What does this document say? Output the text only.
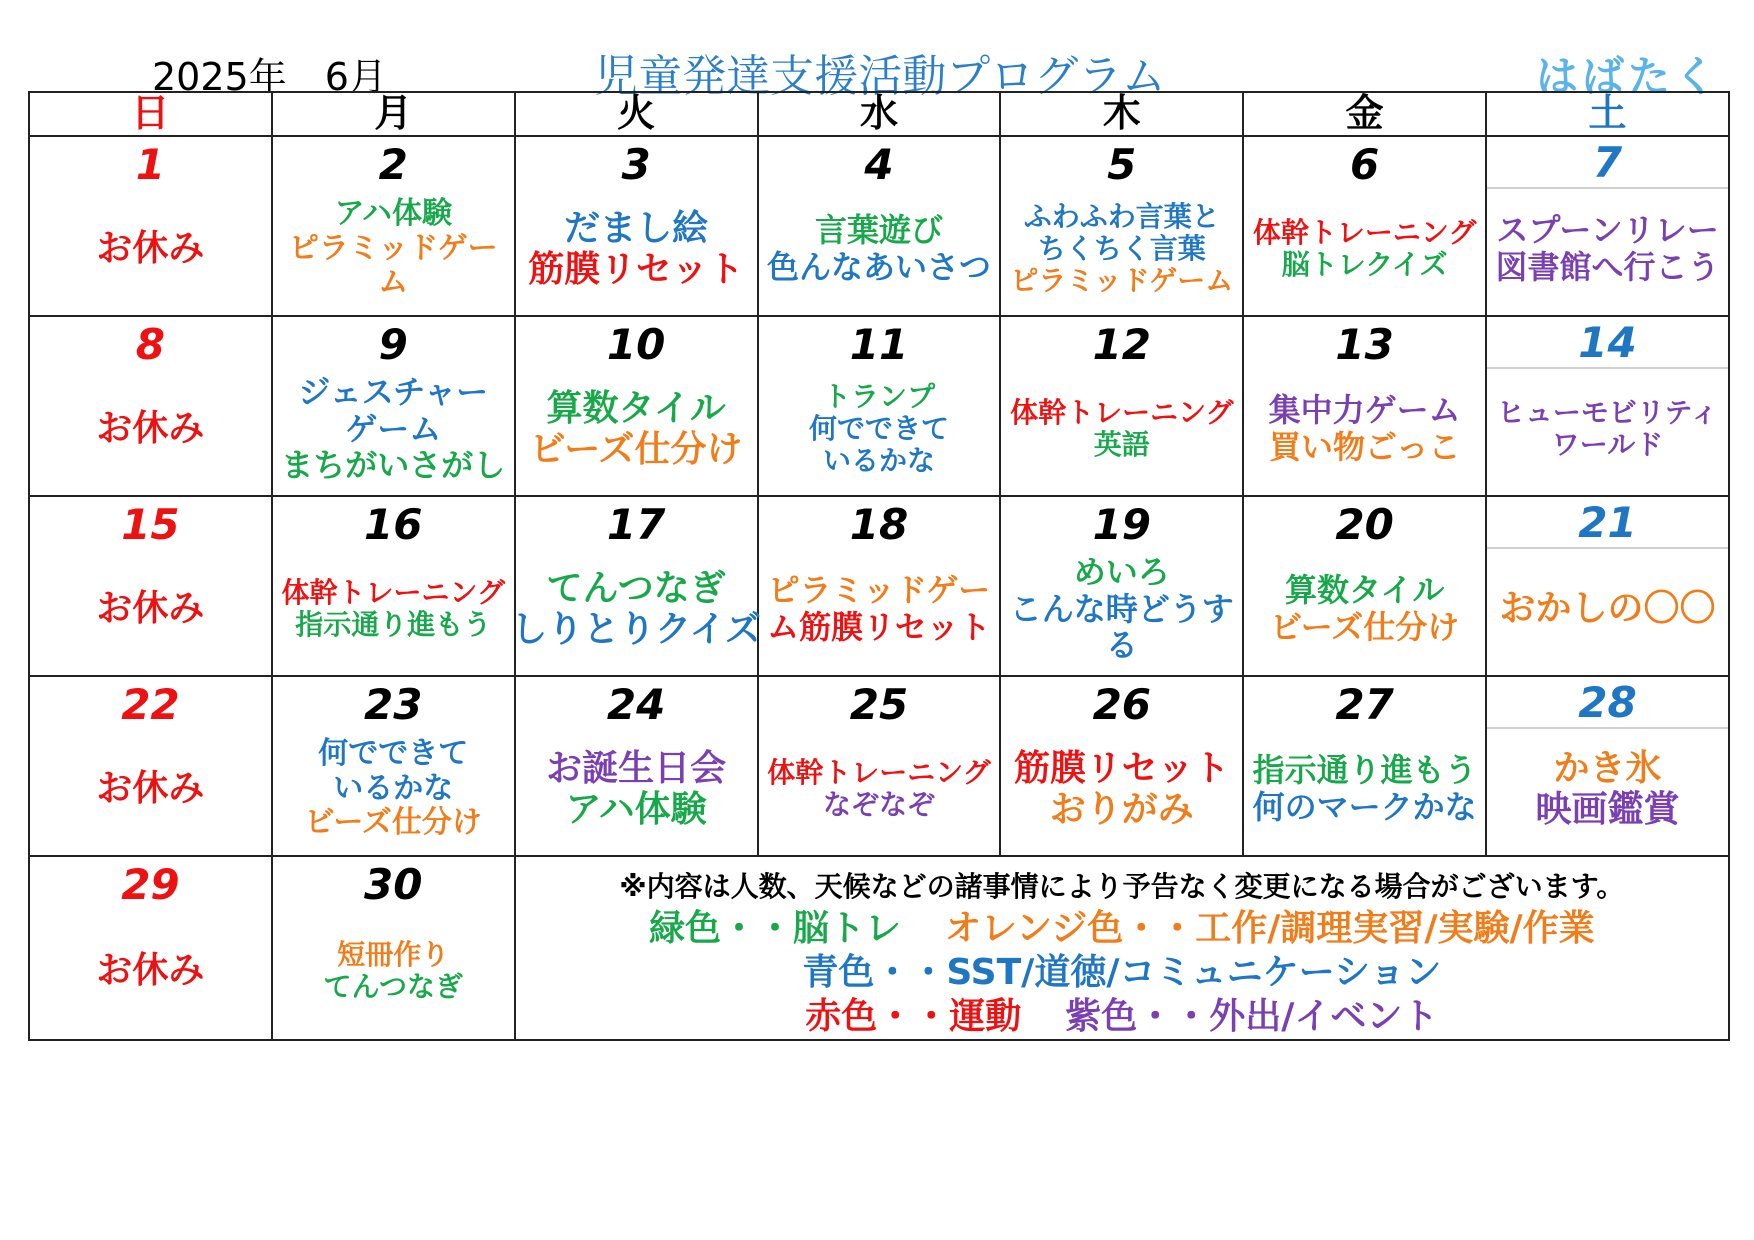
2025年　6月	児童発達支援活動プログラム	はばたく
日	月	火	水	木	金	土

1
お休み	2
アハ体験
ピラミッドゲー
ム	3
だまし絵
筋膜リセット	4
言葉遊び
色んなあいさつ	5
ふわふわ言葉と
ちくちく言葉
ピラミッドゲーム	6
体幹トレーニング
脳トレクイズ	7
スプーンリレー
図書館へ行こう

8
お休み	9
ジェスチャー
ゲーム
まちがいさがし	10
算数タイル
ビーズ仕分け	11
トランプ
何でできて
いるかな	12
体幹トレーニング
英語	13
集中力ゲーム
買い物ごっこ	14
ヒューモビリティ
ワールド

15
お休み	16
体幹トレーニング
指示通り進もう	17
てんつなぎ
しりとりクイズ	18
ピラミッドゲー
ム筋膜リセット	19
めいろ
こんな時どうす
る	20
算数タイル
ビーズ仕分け	21
おかしの〇〇

22
お休み	23
何でできて
いるかな
ビーズ仕分け	24
お誕生日会
アハ体験	25
体幹トレーニング
なぞなぞ	26
筋膜リセット
おりがみ	27
指示通り進もう
何のマークかな	28
かき氷
映画鑑賞

29
お休み	30
短冊作り
てんつなぎ	※内容は人数、天候などの諸事情により予告なく変更になる場合がございます。
緑色・・脳トレ オレンジ色・・工作/調理実習/実験/作業
青色・・SST/道徳/コミュニケーション
赤色・・運動 紫色・・外出/イベント				
